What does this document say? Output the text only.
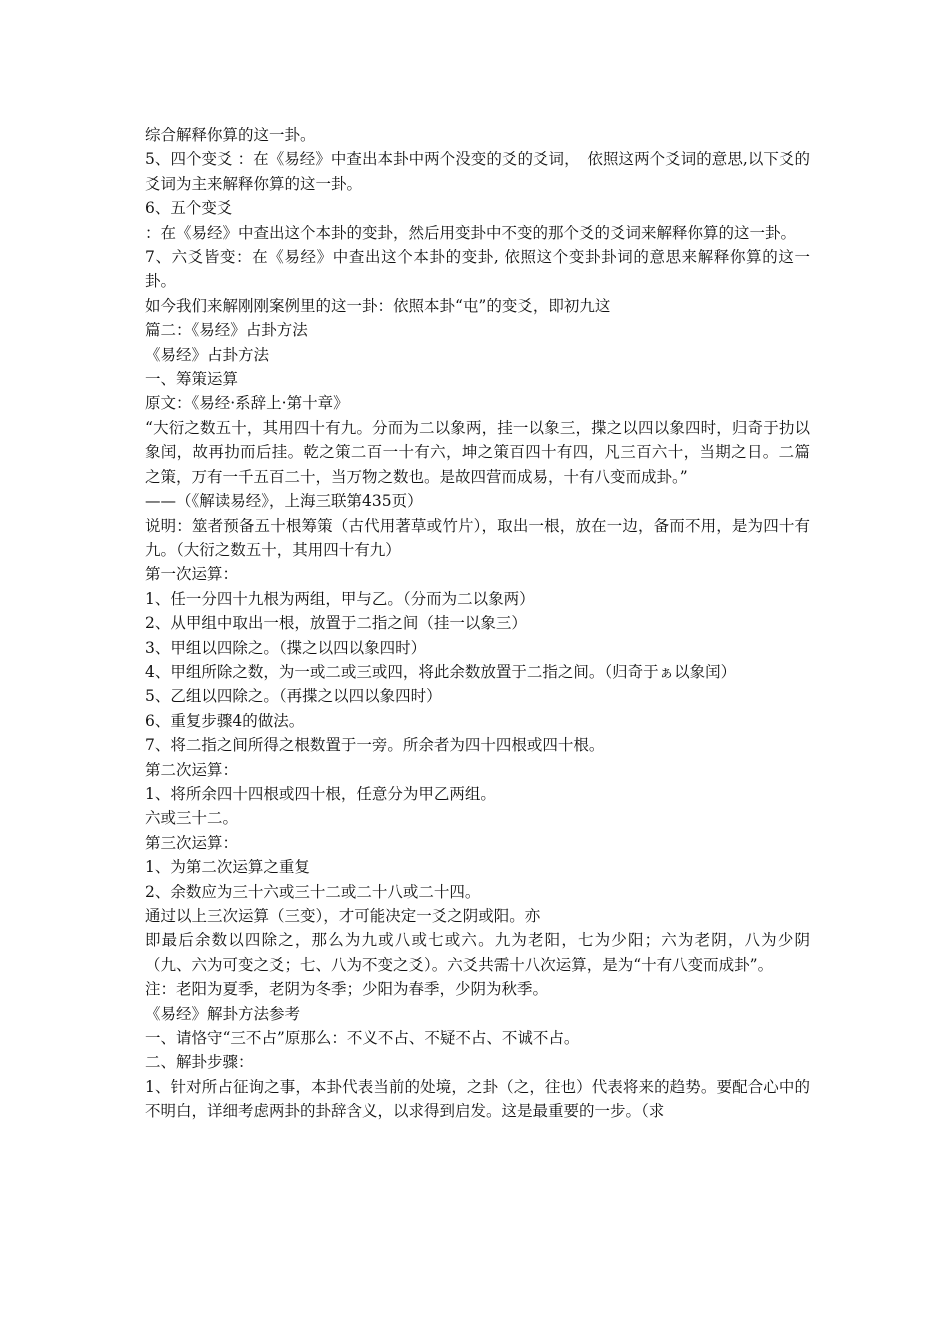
综合解释你算的这一卦。

5、四个变爻 ：在《易经》中查出本卦中两个没变的爻的爻词，　依照这两个爻词的意思,以下爻的爻词为主来解释你算的这一卦。

6、五个变爻

：在《易经》中查出这个本卦的变卦，然后用变卦中不变的那个爻的爻词来解释你算的这一卦。

7、六爻皆变：在《易经》中查出这个本卦的变卦, 依照这个变卦卦词的意思来解释你算的这一卦。

如今我们来解刚刚案例里的这一卦：依照本卦“屯”的变爻，即初九这

篇二：《易经》占卦方法

《易经》占卦方法

一、筹策运算

原文：《易经·系辞上·第十章》

“大衍之数五十，其用四十有九。分而为二以象两，挂一以象三，揲之以四以象四时，归奇于扐以象闰，故再扐而后挂。乾之策二百一十有六，坤之策百四十有四，凡三百六十，当期之日。二篇之策，万有一千五百二十，当万物之数也。是故四营而成易，十有八变而成卦。”

——（《解读易经》，上海三联第435页）

说明：筮者预备五十根筹策（古代用著草或竹片），取出一根，放在一边，备而不用，是为四十有九。（大衍之数五十，其用四十有九）

第一次运算：

1、任一分四十九根为两组，甲与乙。（分而为二以象两）

2、从甲组中取出一根，放置于二指之间（挂一以象三）

3、甲组以四除之。（揲之以四以象四时）

4、甲组所除之数，为一或二或三或四，将此余数放置于二指之间。（归奇于ぁ以象闰）

5、乙组以四除之。（再揲之以四以象四时）

6、重复步骤4的做法。

7、将二指之间所得之根数置于一旁。所余者为四十四根或四十根。

第二次运算：

1、将所余四十四根或四十根，任意分为甲乙两组。

六或三十二。

第三次运算：

1、为第二次运算之重复

2、余数应为三十六或三十二或二十八或二十四。

通过以上三次运算（三变），才可能决定一爻之阴或阳。亦

即最后余数以四除之，那么为九或八或七或六。九为老阳，七为少阳；六为老阴，八为少阴（九、六为可变之爻；七、八为不变之爻）。六爻共需十八次运算，是为“十有八变而成卦”。

注：老阳为夏季，老阴为冬季；少阳为春季，少阴为秋季。

《易经》解卦方法参考

一、请恪守“三不占”原那么：不义不占、不疑不占、不诚不占。

二、解卦步骤：

1、针对所占征询之事，本卦代表当前的处境，之卦（之，往也）代表将来的趋势。要配合心中的不明白，详细考虑两卦的卦辞含义，以求得到启发。这是最重要的一步。（求
